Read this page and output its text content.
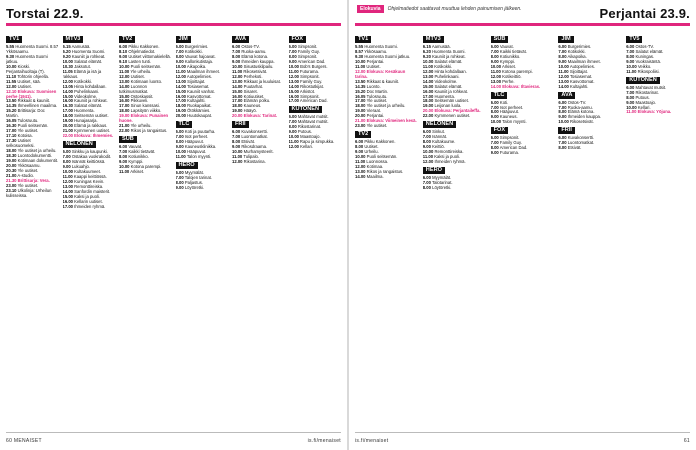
Torstai 22.9.
TV1
5.55 Huomenta Suomi. 8.57 Ykkösaamu.
9.30 Huomenta Suomi jatkuu.
10.00 Kioski. Perjantaihuoltaja (T).
11.10 Tohtorin ohjeella.
11.55 Uutiset, sää.
12.00 Uutiset.
12.10 Elokuva: Suomisen perhe (1941).
13.50 Rikkaat & kauniit.
14.35 Ihmeellinen maailma.
15.20 Brittisarja: Doc Martin.
16.05 Tulosruutu.
16.30 Puoli seitsemän.
17.00 Yle uutiset.
17.10 Kotoisa.
17.30 Uutiset selkosuomeksi.
18.00 Yle uutiset ja urheilu.
18.30 Luontodokumentti.
19.00 Kotimaan dokumentit.
20.00 Ykkösaamu.
20.30 Yle uutiset.
21.00 A-studio.
21.30 Brittisarja: Vera.
23.00 Yle uutiset.
23.10 Ulkolinja: Urheilun kulisseissa.
MTV3
6.15 Aamusää.
6.20 Huomenta Suomi.
9.20 Kauniit ja rohkeat.
10.00 Salatut elämät.
10.30 Jaksotut.
11.05 Elämä ja isä ja rakkaus.
12.00 Kotikokki.
13.05 Hinta kohdallaan.
14.00 Puhelinkaani.
15.00 Videokolme.
16.00 Kauniit ja rohkeat.
16.30 Salatut elämät.
17.00 Huomenta.
18.00 Seitsemän uutiset.
19.00 Hunajasarja.
20.00 Elämä ja rakkaus.
21.00 Kymmenen uutiset.
22.00 Elokuva: Ihmemies.
NELONEN
6.00 Sinkku ja kaupunki.
7.00 Ostakaa vuokrakodit.
8.00 Isännät keittiössä.
9.00 Lukuahjo.
10.00 Kultakuumeet.
11.00 Kaappi keittiössä.
12.00 Kuningas Kevin.
13.00 Remonttireiska.
14.00 Sanfordin maisterit.
15.00 Kaksi ja puoli.
16.00 Kellarin uutiset.
17.00 Ihmeiden ryhmä.
TV2
6.00 Pikku Kakkonen.
8.10 Ohjelmatiedot.
9.00 Uutiset viittomakielellä.
9.10 Lasten tunti.
10.00 Puoli seitsemän.
11.00 Yle urheilu.
12.00 Uutiset.
13.00 Kotimaan luonto.
14.00 Luonnon tutkimusmatkat.
15.00 Ostoskassit.
16.00 Pikkuveli.
17.00 Sinun kanssasi.
18.00 Lapsityön viikko.
19.00 Elokuva: Punainen huone.
21.00 Yle urheilu.
22.00 Rikos ja rangaistus.
SUB
6.00 Vauvat.
7.00 Kaikki tietävät.
8.00 Kotiunikko.
9.00 Kymppi.
10.00 Kotona parempi.
11.00 Arkiset.
JIM
6.00 Burgerimies.
7.00 Kotikokki.
8.00 Vauvat hajoavat.
9.00 Kallonkutistaja.
10.00 Aikapoika.
11.00 Maailman ihmeet.
12.00 Autopelimies.
13.00 Sijoittajat.
14.00 Tosiasemat.
15.00 Kauniit vanhat.
16.00 Kasvottomat.
17.00 Kultajahti.
18.00 Ruokapaikat.
19.00 Ötökkämies.
20.00 Huutokaupat.
TLC
6.00 Koti ja puutarha.
7.00 Isot perheet.
8.00 Hääpuvut.
9.00 Kauneusklinikka.
10.00 Hääpuvut.
11.00 Talon myynti.
HERO
6.00 Myymälät.
7.00 Talojen tarinat.
8.00 Paljastus.
9.00 Löytöretki.
AVA
6.00 Ostos-TV.
7.00 Ruoka-aamu.
8.00 Elämä kotona.
9.00 Ihmeiden kauppa.
10.00 Sisustuskilpailu.
11.00 Rikosetsivät.
12.00 Perhekoti.
13.00 Rikkaat ja kuuluisat.
14.00 Puutarhat.
15.00 Sisaret.
16.00 Kotiuutiset.
17.00 Elämän polku.
18.00 Kauneus.
19.00 Hääyö.
20.00 Elokuva: Tarinat.
FRII
6.00 Kuvakonsertti.
7.00 Luontomatkat.
8.00 Etsivät.
9.00 Rikosdraama.
10.00 Murhamysteerit.
11.00 Tulipalo.
12.00 Rikostarina.
FOX
6.00 Simpsonit.
7.00 Family Guy.
8.00 Simpsonit.
9.00 American Dad.
10.00 Bob's Burgers.
11.00 Futurama.
12.00 Simpsonit.
13.00 Family Guy.
14.00 Rikostutkijat.
15.00 Arkistot.
16.00 Simpsonit.
17.00 American Dad.
KUTONEN
6.00 Mahtavat mutsit.
7.00 Mahtavat mutsit.
8.00 Rikostarinat.
9.00 Putous.
10.00 Maastoajo.
11.00 Rapu ja simpukka.
12.00 Kellari.
60 MENAISET	is.fi/menaiset
Elokuvia	Ohjelmatiedot saattavat muuttua lehden painumisen jälkeen.	Perjantai 23.9.
TV1
5.55 Huomenta Suomi.
8.57 Ykkösaamu.
9.30 Huomenta Suomi jatkuu.
10.00 Perjantai.
11.00 Uutiset.
12.00 Elokuva: Kesäkuun tarina.
13.50 Rikkaat & kauniit.
14.35 Luonto.
15.20 Doc Martin.
16.05 Tulosruutu.
17.00 Yle uutiset.
18.00 Yle uutiset ja urheilu.
19.00 Vieraat.
20.00 Perjantai.
21.00 Elokuva: Viimeinen kesä.
23.00 Yle uutiset.
TV2
6.00 Pikku Kakkonen.
8.00 Uutiset.
9.00 Urheilu.
10.00 Puoli seitsemän.
11.00 Luonnossa.
12.00 Kotimaa.
13.00 Rikos ja rangaistus.
14.00 Maailma.
MTV3
6.15 Aamusää.
6.20 Huomenta Suomi.
9.20 Kauniit ja rohkeat.
10.00 Salatut elämät.
11.00 Kotikokki.
12.00 Hinta kohdallaan.
13.00 Puhelinkaani.
14.00 Videokolme.
15.00 Salatut elämät.
16.00 Kauniit ja rohkeat.
17.00 Huomenta.
18.00 Seitsemän uutiset.
19.00 Leijonan luola.
20.00 Elokuva: Perjantaileffa.
22.00 Kymmenen uutiset.
NELONEN
6.00 Sinkut.
7.00 Isännät.
8.00 Kultakuume.
9.00 Keittiö.
10.00 Remonttireiska.
11.00 Kaksi ja puoli.
12.00 Ihmeiden ryhmä.
HERO
6.00 Myymälät.
7.00 Talotarinat.
8.00 Löytöretki.
SUB
6.00 Vauvat.
7.00 Kaikki tietävät.
8.00 Kotiunikko.
9.00 Kymppi.
10.00 Arkiset.
11.00 Kotona parempi.
12.00 Kotikeittiö.
13.00 Perhe.
14.00 Elokuva: Iltavieras.
TLC
6.00 Koti.
7.00 Isot perheet.
8.00 Hääpuvut.
9.00 Kauneus.
10.00 Talon myynti.
FOX
6.00 Simpsonit.
7.00 Family Guy.
8.00 American Dad.
9.00 Futurama.
JIM
6.00 Burgerimies.
7.00 Kotikokki.
8.00 Aikapoika.
9.00 Maailman ihmeet.
10.00 Autopelimies.
11.00 Sijoittajat.
12.00 Tosiasemat.
13.00 Kasvottomat.
14.00 Kultajahti.
AVA
6.00 Ostos-TV.
7.00 Ruoka-aamu.
8.00 Elämä kotona.
9.00 Ihmeiden kauppa.
10.00 Rikosetsivät.
FRII
6.00 Kuvakonsertti.
7.00 Luontomatkat.
8.00 Etsivät.
TV5
6.00 Ostos-TV.
7.00 Salatut elämät.
8.00 Kuningas.
9.00 Vuokraisäntä.
10.00 Veikko.
11.00 Rikospoliisi.
KUTONEN
6.00 Mahtavat mutsit.
7.00 Rikostarinat.
8.00 Putous.
9.00 Maastoajo.
10.00 Kellari.
11.00 Elokuva: Yöjuna.
is.fi/menaiset	61
